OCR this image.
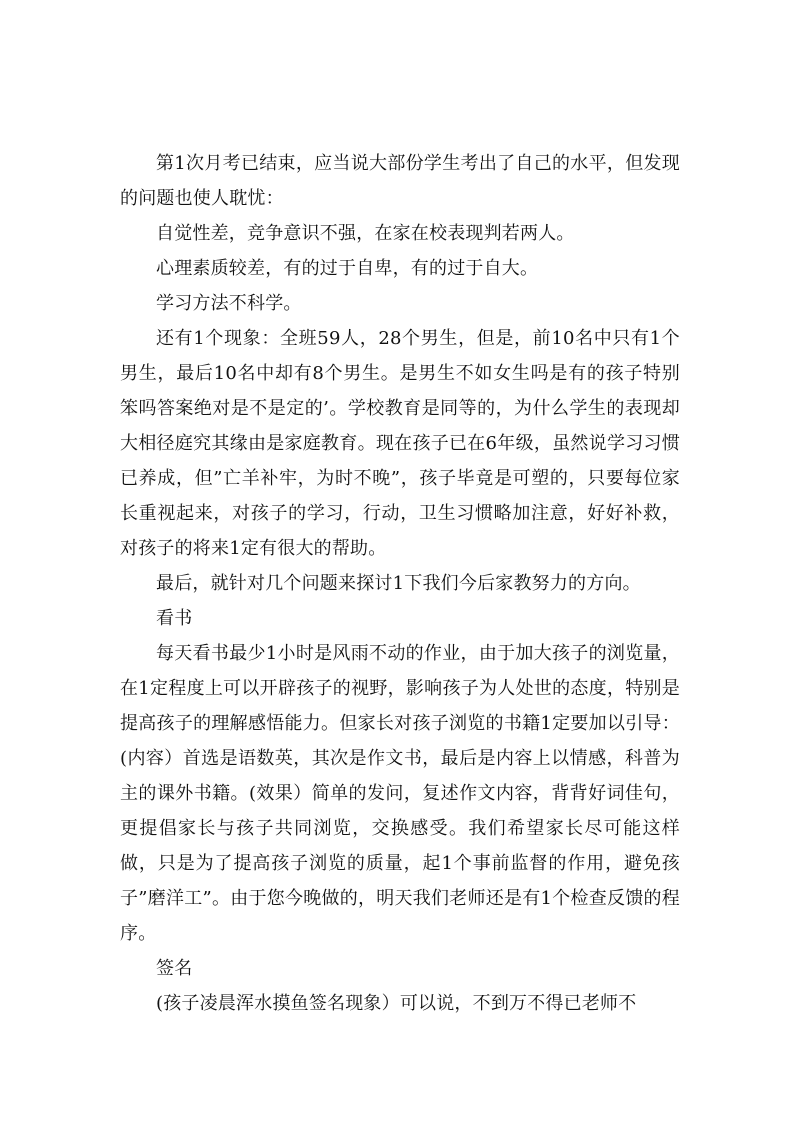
第1次月考已结束，应当说大部份学生考出了自己的水平，但发现的问题也使人耽忧：

自觉性差，竞争意识不强，在家在校表现判若两人。

心理素质较差，有的过于自卑，有的过于自大。

学习方法不科学。

还有1个现象：全班59人，28个男生，但是，前10名中只有1个男生，最后10名中却有8个男生。是男生不如女生吗是有的孩子特别笨吗答案绝对是不是定的’。学校教育是同等的，为什么学生的表现却大相径庭究其缘由是家庭教育。现在孩子已在6年级，虽然说学习习惯已养成，但”亡羊补牢，为时不晚”，孩子毕竟是可塑的，只要每位家长重视起来，对孩子的学习，行动，卫生习惯略加注意，好好补救，对孩子的将来1定有很大的帮助。

最后，就针对几个问题来探讨1下我们今后家教努力的方向。

看书

每天看书最少1小时是风雨不动的作业，由于加大孩子的浏览量，在1定程度上可以开辟孩子的视野，影响孩子为人处世的态度，特别是提高孩子的理解感悟能力。但家长对孩子浏览的书籍1定要加以引导：(内容）首选是语数英，其次是作文书，最后是内容上以情感，科普为主的课外书籍。(效果）简单的发问，复述作文内容，背背好词佳句，更提倡家长与孩子共同浏览，交换感受。我们希望家长尽可能这样做，只是为了提高孩子浏览的质量，起1个事前监督的作用，避免孩子”磨洋工”。由于您今晚做的，明天我们老师还是有1个检查反馈的程序。

签名

(孩子凌晨浑水摸鱼签名现象）可以说，不到万不得已老师不
